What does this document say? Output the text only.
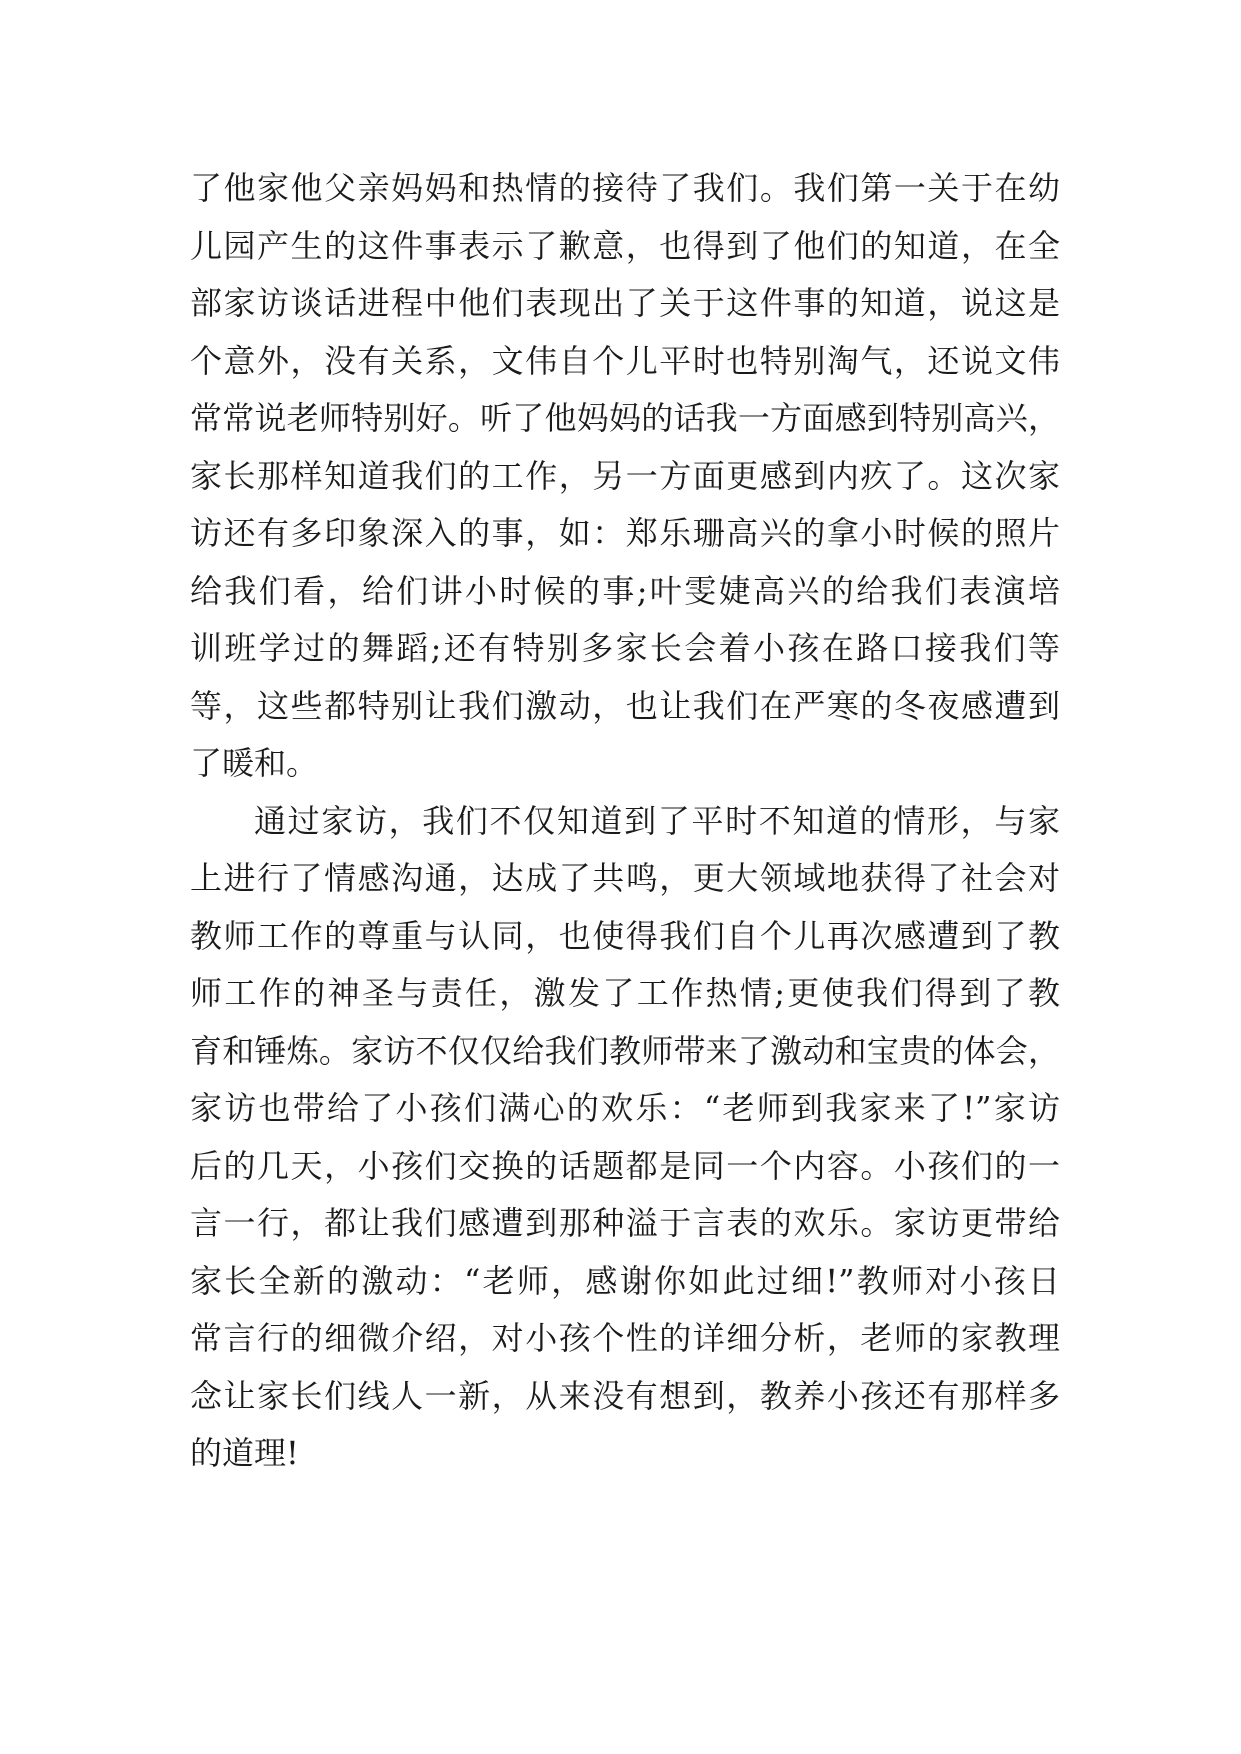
了他家他父亲妈妈和热情的接待了我们。我们第一关于在幼
儿园产生的这件事表示了歉意，也得到了他们的知道，在全
部家访谈话进程中他们表现出了关于这件事的知道，说这是
个意外，没有关系，文伟自个儿平时也特别淘气，还说文伟
常常说老师特别好。听了他妈妈的话我一方面感到特别高兴，
家长那样知道我们的工作，另一方面更感到内疚了。这次家
访还有多印象深入的事，如：郑乐珊高兴的拿小时候的照片
给我们看，给们讲小时候的事;叶雯婕高兴的给我们表演培
训班学过的舞蹈;还有特别多家长会着小孩在路口接我们等
等，这些都特别让我们激动，也让我们在严寒的冬夜感遭到
了暖和。
通过家访，我们不仅知道到了平时不知道的情形，与家
上进行了情感沟通，达成了共鸣，更大领域地获得了社会对
教师工作的尊重与认同，也使得我们自个儿再次感遭到了教
师工作的神圣与责任，激发了工作热情;更使我们得到了教
育和锤炼。家访不仅仅给我们教师带来了激动和宝贵的体会，
家访也带给了小孩们满心的欢乐：“老师到我家来了!”家访
后的几天，小孩们交换的话题都是同一个内容。小孩们的一
言一行，都让我们感遭到那种溢于言表的欢乐。家访更带给
家长全新的激动：“老师，感谢你如此过细!”教师对小孩日
常言行的细微介绍，对小孩个性的详细分析，老师的家教理
念让家长们线人一新，从来没有想到，教养小孩还有那样多
的道理!
